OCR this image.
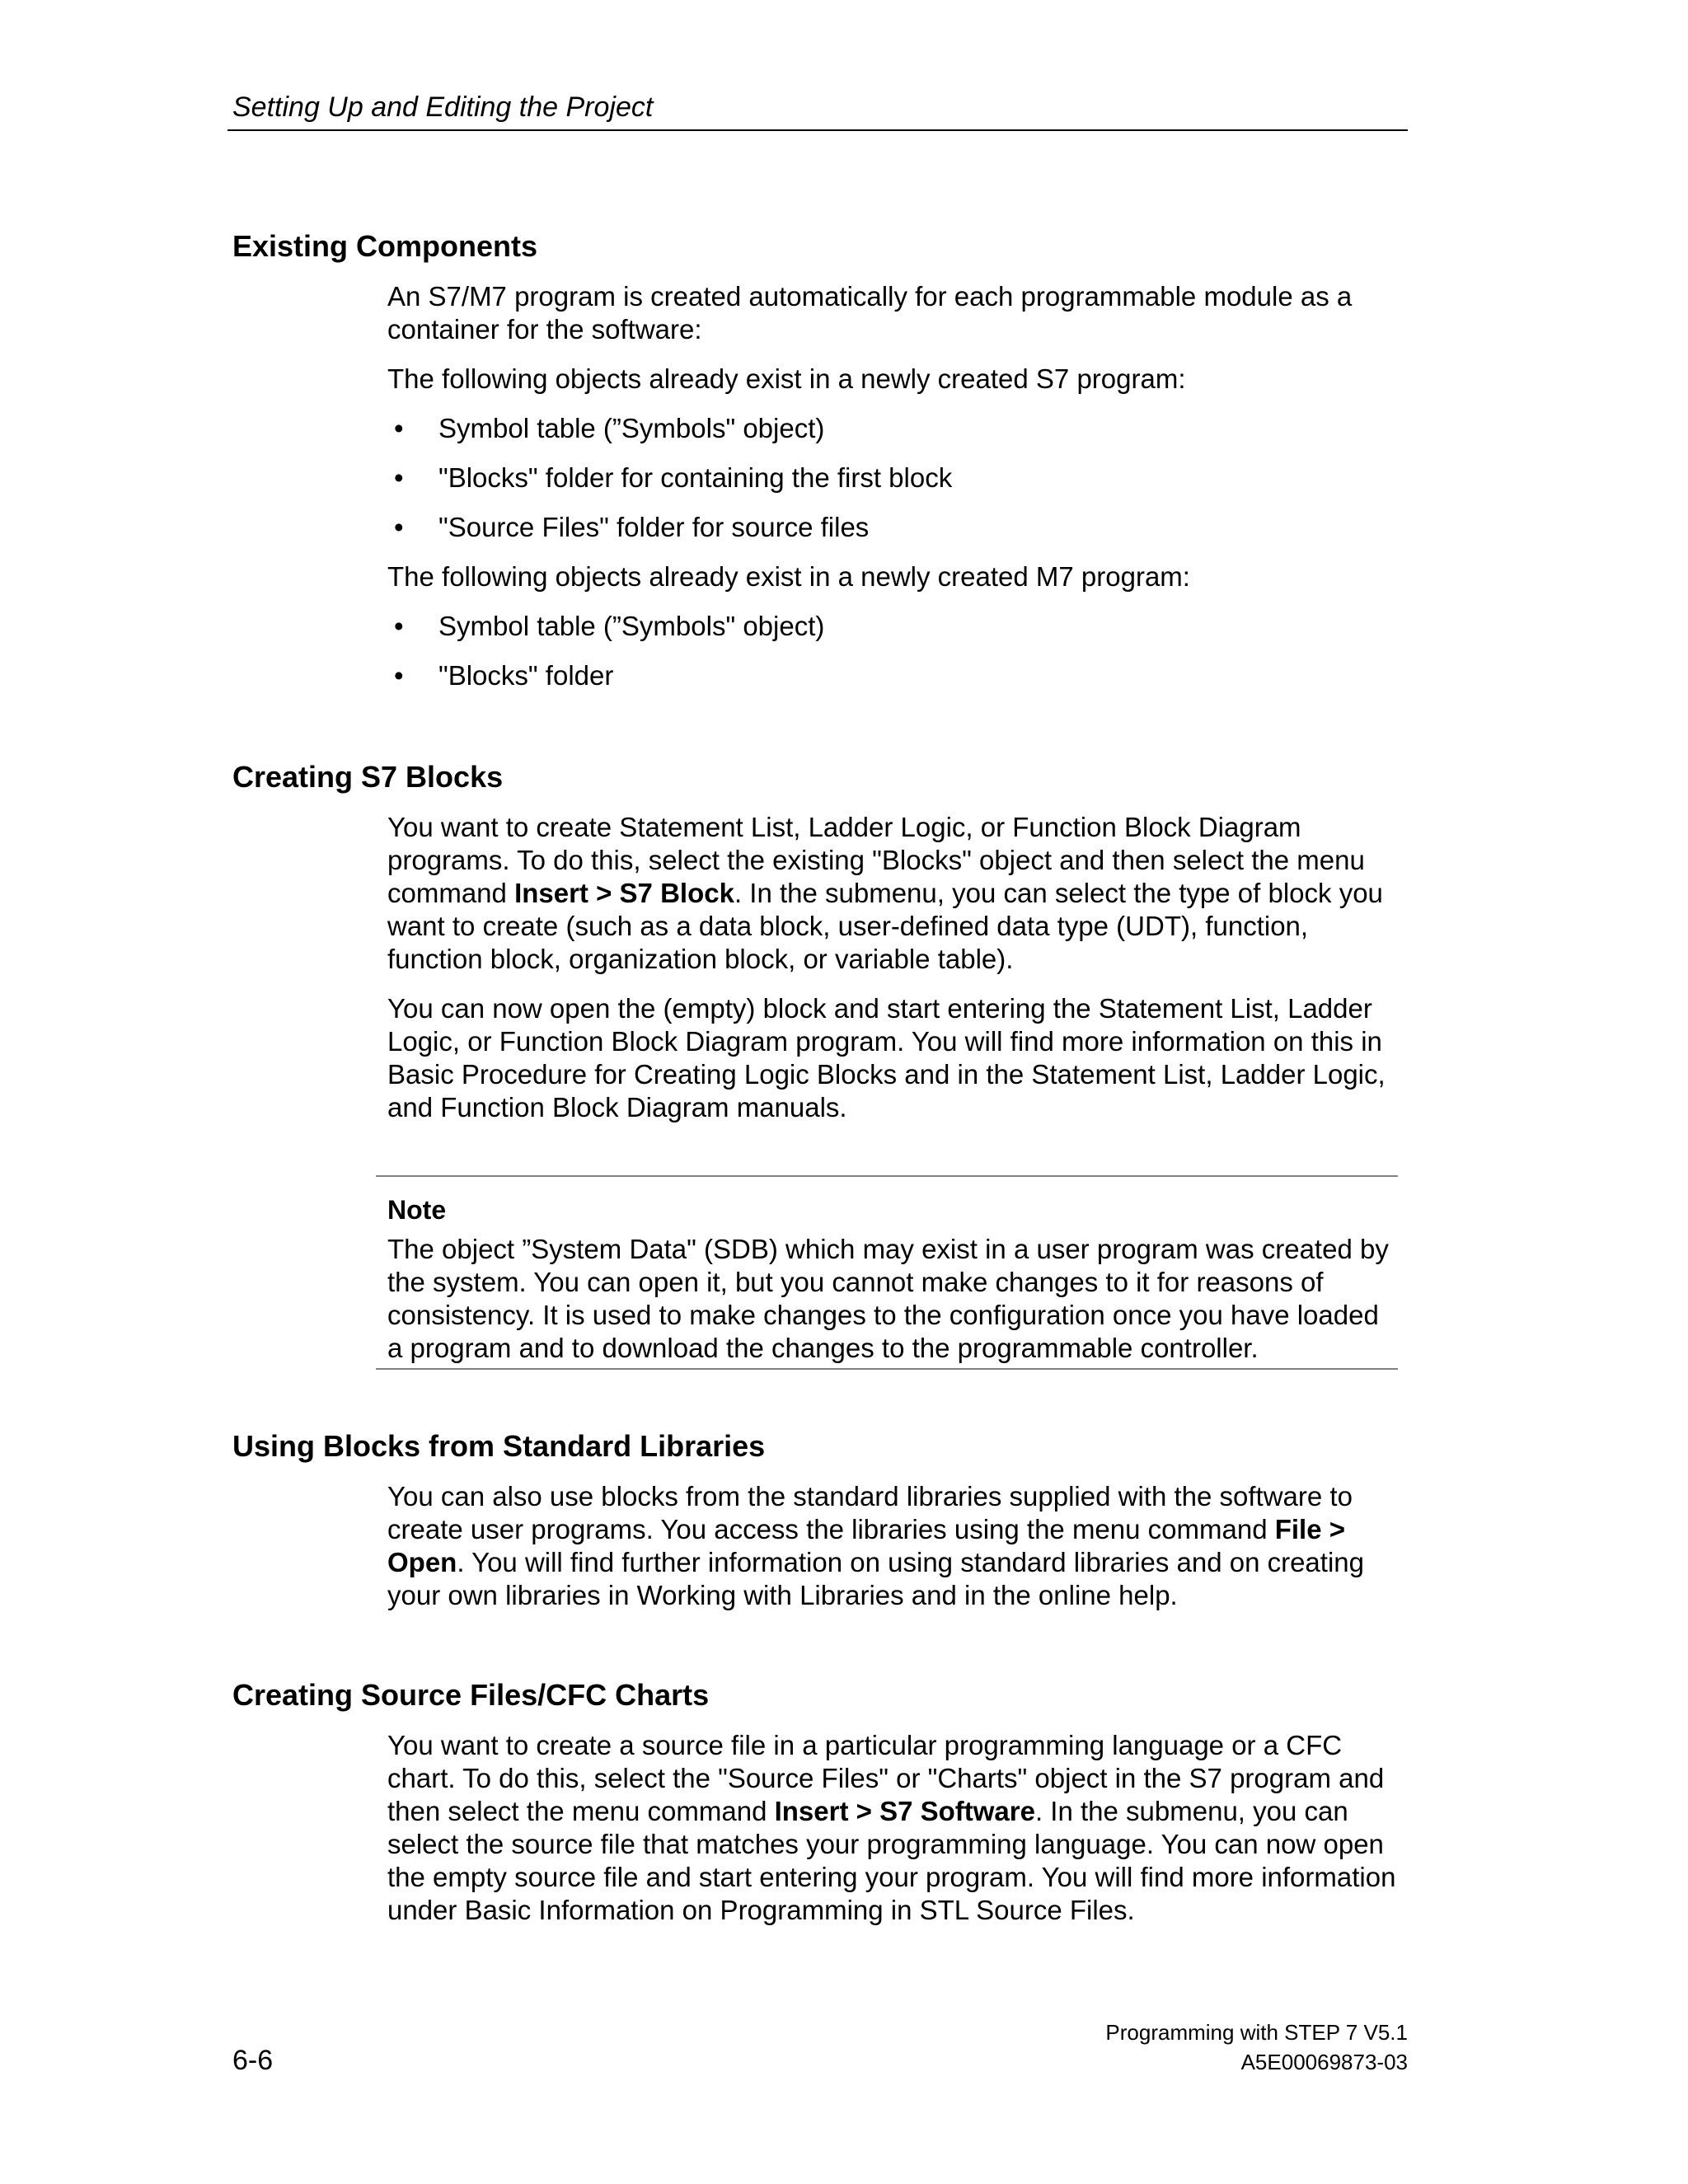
Setting Up and Editing the Project
Existing Components

An S7/M7 program is created automatically for each programmable module as a container for the software:

The following objects already exist in a newly created S7 program:

• Symbol table (”Symbols" object)
• "Blocks" folder for containing the first block
• "Source Files" folder for source files

The following objects already exist in a newly created M7 program:

• Symbol table (”Symbols" object)
• "Blocks" folder
Creating S7 Blocks

You want to create Statement List, Ladder Logic, or Function Block Diagram programs. To do this, select the existing "Blocks" object and then select the menu command Insert > S7 Block. In the submenu, you can select the type of block you want to create (such as a data block, user-defined data type (UDT), function, function block, organization block, or variable table).

You can now open the (empty) block and start entering the Statement List, Ladder Logic, or Function Block Diagram program. You will find more information on this in Basic Procedure for Creating Logic Blocks and in the Statement List, Ladder Logic, and Function Block Diagram manuals.

Note
The object ”System Data" (SDB) which may exist in a user program was created by the system. You can open it, but you cannot make changes to it for reasons of consistency. It is used to make changes to the configuration once you have loaded a program and to download the changes to the programmable controller.
Using Blocks from Standard Libraries

You can also use blocks from the standard libraries supplied with the software to create user programs. You access the libraries using the menu command File > Open. You will find further information on using standard libraries and on creating your own libraries in Working with Libraries and in the online help.

Creating Source Files/CFC Charts

You want to create a source file in a particular programming language or a CFC chart. To do this, select the "Source Files" or "Charts" object in the S7 program and then select the menu command Insert > S7 Software. In the submenu, you can select the source file that matches your programming language. You can now open the empty source file and start entering your program. You will find more information under Basic Information on Programming in STL Source Files.

6-6
Programming with STEP 7 V5.1
A5E00069873-03
